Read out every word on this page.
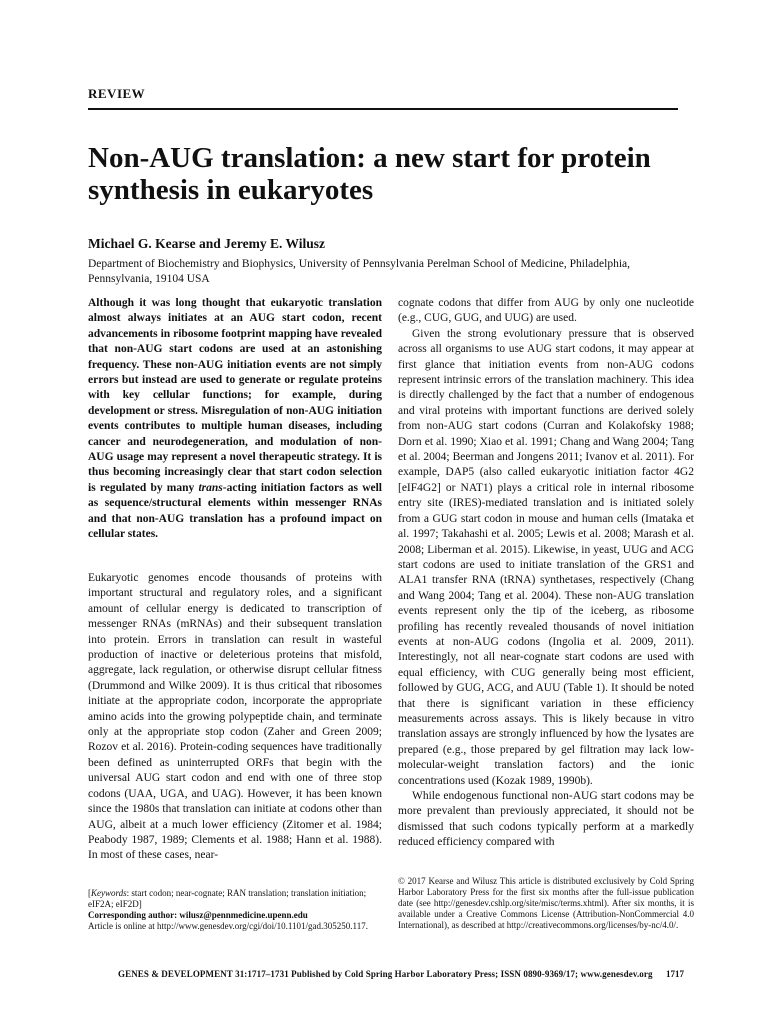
REVIEW
Non-AUG translation: a new start for protein synthesis in eukaryotes
Michael G. Kearse and Jeremy E. Wilusz
Department of Biochemistry and Biophysics, University of Pennsylvania Perelman School of Medicine, Philadelphia, Pennsylvania, 19104 USA
Although it was long thought that eukaryotic translation almost always initiates at an AUG start codon, recent advancements in ribosome footprint mapping have revealed that non-AUG start codons are used at an astonishing frequency. These non-AUG initiation events are not simply errors but instead are used to generate or regulate proteins with key cellular functions; for example, during development or stress. Misregulation of non-AUG initiation events contributes to multiple human diseases, including cancer and neurodegeneration, and modulation of non-AUG usage may represent a novel therapeutic strategy. It is thus becoming increasingly clear that start codon selection is regulated by many trans-acting initiation factors as well as sequence/structural elements within messenger RNAs and that non-AUG translation has a profound impact on cellular states.

Eukaryotic genomes encode thousands of proteins with important structural and regulatory roles, and a significant amount of cellular energy is dedicated to transcription of messenger RNAs (mRNAs) and their subsequent translation into protein. Errors in translation can result in wasteful production of inactive or deleterious proteins that misfold, aggregate, lack regulation, or otherwise disrupt cellular fitness (Drummond and Wilke 2009). It is thus critical that ribosomes initiate at the appropriate codon, incorporate the appropriate amino acids into the growing polypeptide chain, and terminate only at the appropriate stop codon (Zaher and Green 2009; Rozov et al. 2016). Protein-coding sequences have traditionally been defined as uninterrupted ORFs that begin with the universal AUG start codon and end with one of three stop codons (UAA, UGA, and UAG). However, it has been known since the 1980s that translation can initiate at codons other than AUG, albeit at a much lower efficiency (Zitomer et al. 1984; Peabody 1987, 1989; Clements et al. 1988; Hann et al. 1988). In most of these cases, near-

cognate codons that differ from AUG by only one nucleotide (e.g., CUG, GUG, and UUG) are used.

Given the strong evolutionary pressure that is observed across all organisms to use AUG start codons, it may appear at first glance that initiation events from non-AUG codons represent intrinsic errors of the translation machinery. This idea is directly challenged by the fact that a number of endogenous and viral proteins with important functions are derived solely from non-AUG start codons (Curran and Kolakofsky 1988; Dorn et al. 1990; Xiao et al. 1991; Chang and Wang 2004; Tang et al. 2004; Beerman and Jongens 2011; Ivanov et al. 2011). For example, DAP5 (also called eukaryotic initiation factor 4G2 [eIF4G2] or NAT1) plays a critical role in internal ribosome entry site (IRES)-mediated translation and is initiated solely from a GUG start codon in mouse and human cells (Imataka et al. 1997; Takahashi et al. 2005; Lewis et al. 2008; Marash et al. 2008; Liberman et al. 2015). Likewise, in yeast, UUG and ACG start codons are used to initiate translation of the GRS1 and ALA1 transfer RNA (tRNA) synthetases, respectively (Chang and Wang 2004; Tang et al. 2004). These non-AUG translation events represent only the tip of the iceberg, as ribosome profiling has recently revealed thousands of novel initiation events at non-AUG codons (Ingolia et al. 2009, 2011). Interestingly, not all near-cognate start codons are used with equal efficiency, with CUG generally being most efficient, followed by GUG, ACG, and AUU (Table 1). It should be noted that there is significant variation in these efficiency measurements across assays. This is likely because in vitro translation assays are strongly influenced by how the lysates are prepared (e.g., those prepared by gel filtration may lack low-molecular-weight translation factors) and the ionic concentrations used (Kozak 1989, 1990b).

While endogenous functional non-AUG start codons may be more prevalent than previously appreciated, it should not be dismissed that such codons typically perform at a markedly reduced efficiency compared with

[Keywords: start codon; near-cognate; RAN translation; translation initiation; eIF2A; eIF2D]

Corresponding author: wilusz@pennmedicine.upenn.edu

Article is online at http://www.genesdev.org/cgi/doi/10.1101/gad.305250.117.

© 2017 Kearse and Wilusz This article is distributed exclusively by Cold Spring Harbor Laboratory Press for the first six months after the full-issue publication date (see http://genesdev.cshlp.org/site/misc/terms.xhtml). After six months, it is available under a Creative Commons License (Attribution-NonCommercial 4.0 International), as described at http://creativecommons.org/licenses/by-nc/4.0/.
GENES & DEVELOPMENT 31:1717–1731 Published by Cold Spring Harbor Laboratory Press; ISSN 0890-9369/17; www.genesdev.org	1717
